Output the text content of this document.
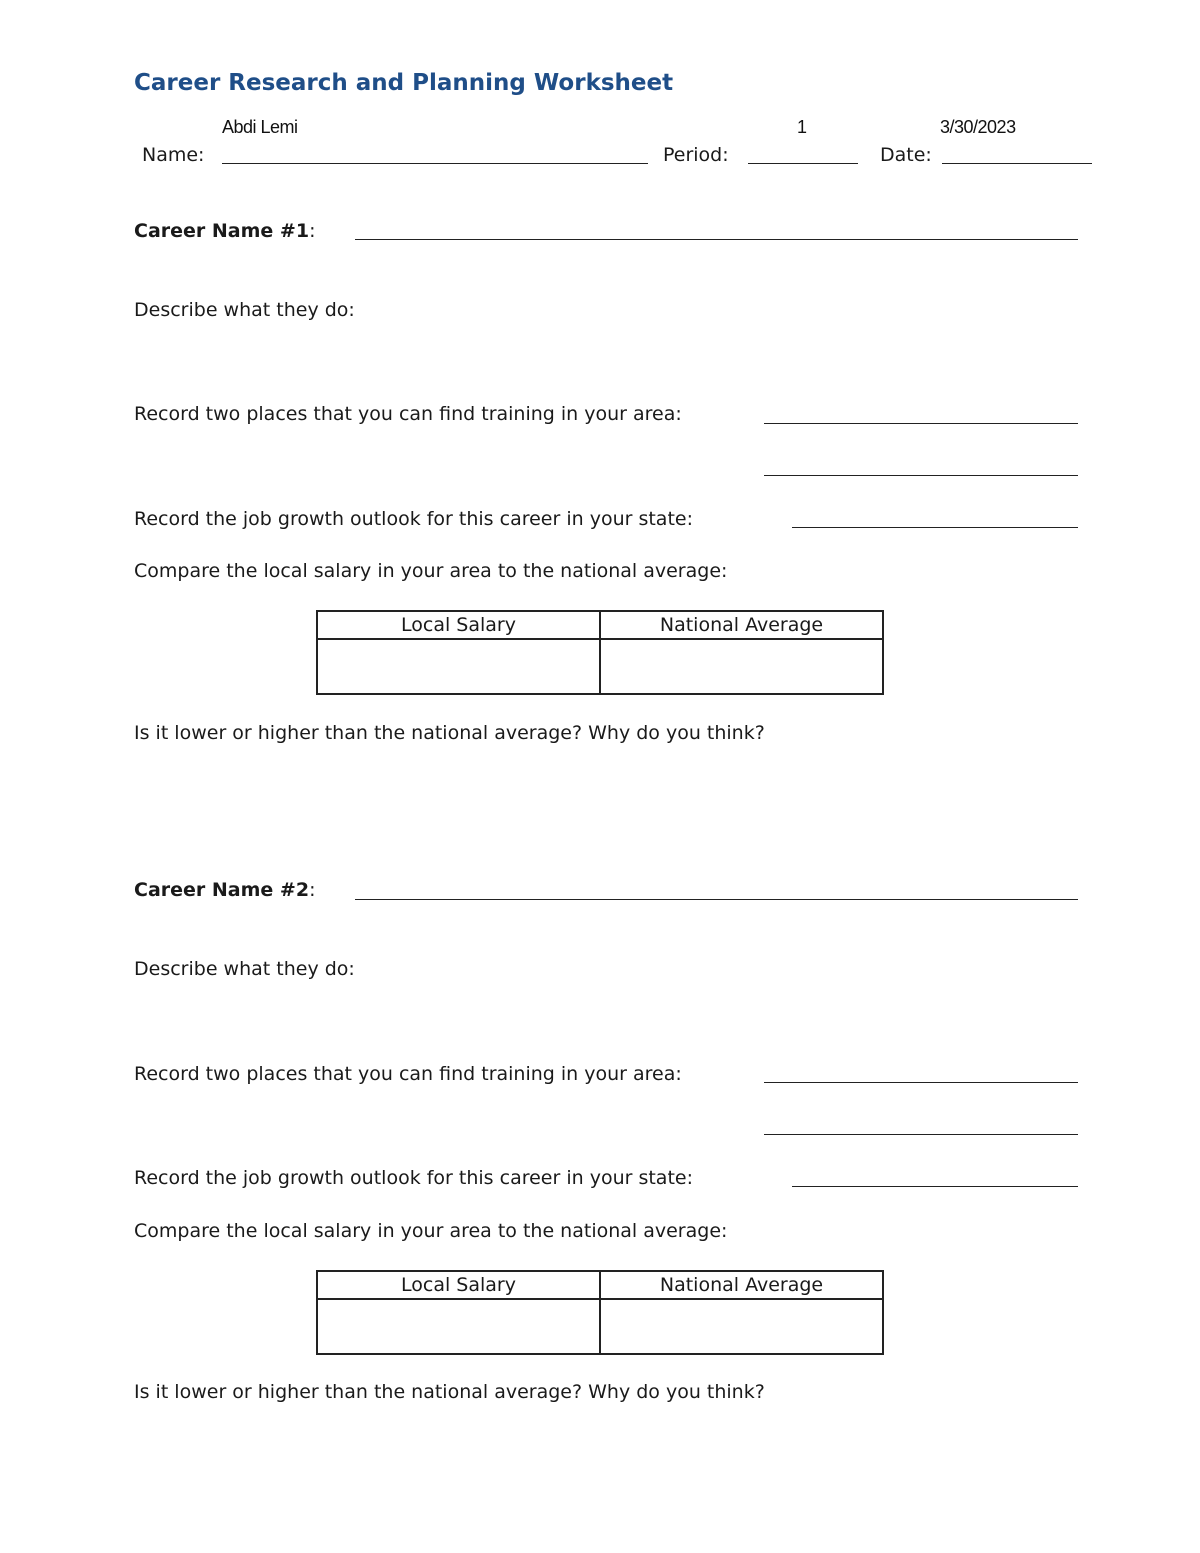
Career Research and Planning Worksheet
Abdi Lemi	1	3/30/2023
Name:	Period:	Date:
Career Name #1:
Describe what they do:
Record two places that you can find training in your area:
Record the job growth outlook for this career in your state:
Compare the local salary in your area to the national average:
Local Salary	National Average

Is it lower or higher than the national average? Why do you think?
Career Name #2:
Describe what they do:
Record two places that you can find training in your area:
Record the job growth outlook for this career in your state:
Compare the local salary in your area to the national average:
Local Salary	National Average

Is it lower or higher than the national average? Why do you think?
